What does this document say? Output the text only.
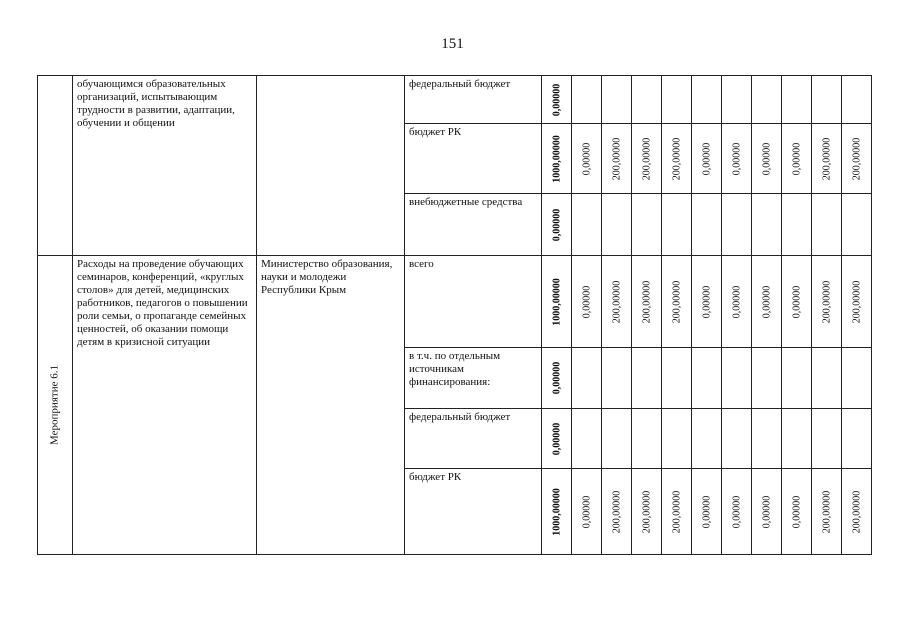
151

	обучающимся образовательных организаций, испытывающим трудности в развитии, адаптации, обучении и общении		федеральный бюджет	0,00000										

			бюджет РК	1000,00000	0,00000	200,00000	200,00000	200,00000	0,00000	0,00000	0,00000	0,00000	200,00000	200,00000

			внебюджетные средства	0,00000										

Мероприятие 6.1	Расходы на проведение обучающих семинаров, конференций, «круглых столов» для детей, медицинских работников, педагогов о повышении роли семьи, о пропаганде семейных ценностей, об оказании помощи детям в кризисной ситуации	Министерство образования, науки и молодежи Республики Крым	всего	1000,00000	0,00000	200,00000	200,00000	200,00000	0,00000	0,00000	0,00000	0,00000	200,00000	200,00000

			в т.ч. по отдельным источникам финансирования:	0,00000										

			федеральный бюджет	0,00000										

			бюджет РК	1000,00000	0,00000	200,00000	200,00000	200,00000	0,00000	0,00000	0,00000	0,00000	200,00000	200,00000
